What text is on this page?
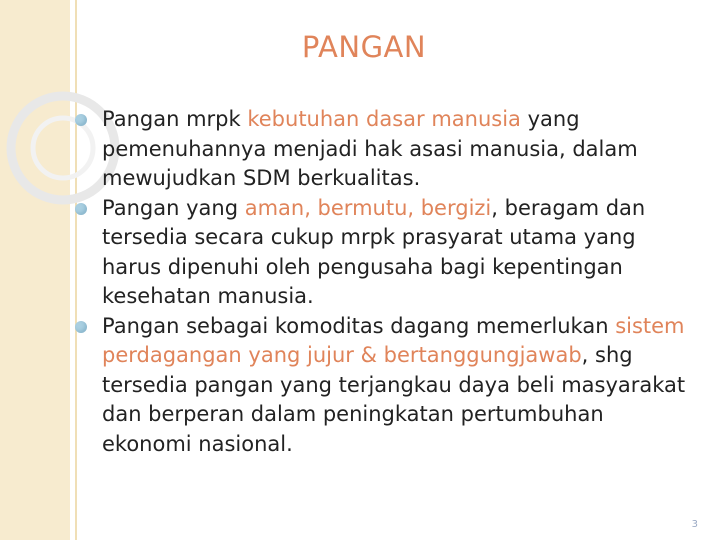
PANGAN
Pangan mrpk kebutuhan dasar manusia yang pemenuhannya menjadi hak asasi manusia, dalam mewujudkan SDM berkualitas.
Pangan yang aman, bermutu, bergizi, beragam dan tersedia secara cukup mrpk prasyarat utama yang harus dipenuhi oleh pengusaha bagi kepentingan kesehatan manusia.
Pangan sebagai komoditas dagang memerlukan sistem perdagangan yang jujur & bertanggungjawab, shg tersedia pangan yang terjangkau daya beli masyarakat dan berperan dalam peningkatan pertumbuhan ekonomi nasional.
3
